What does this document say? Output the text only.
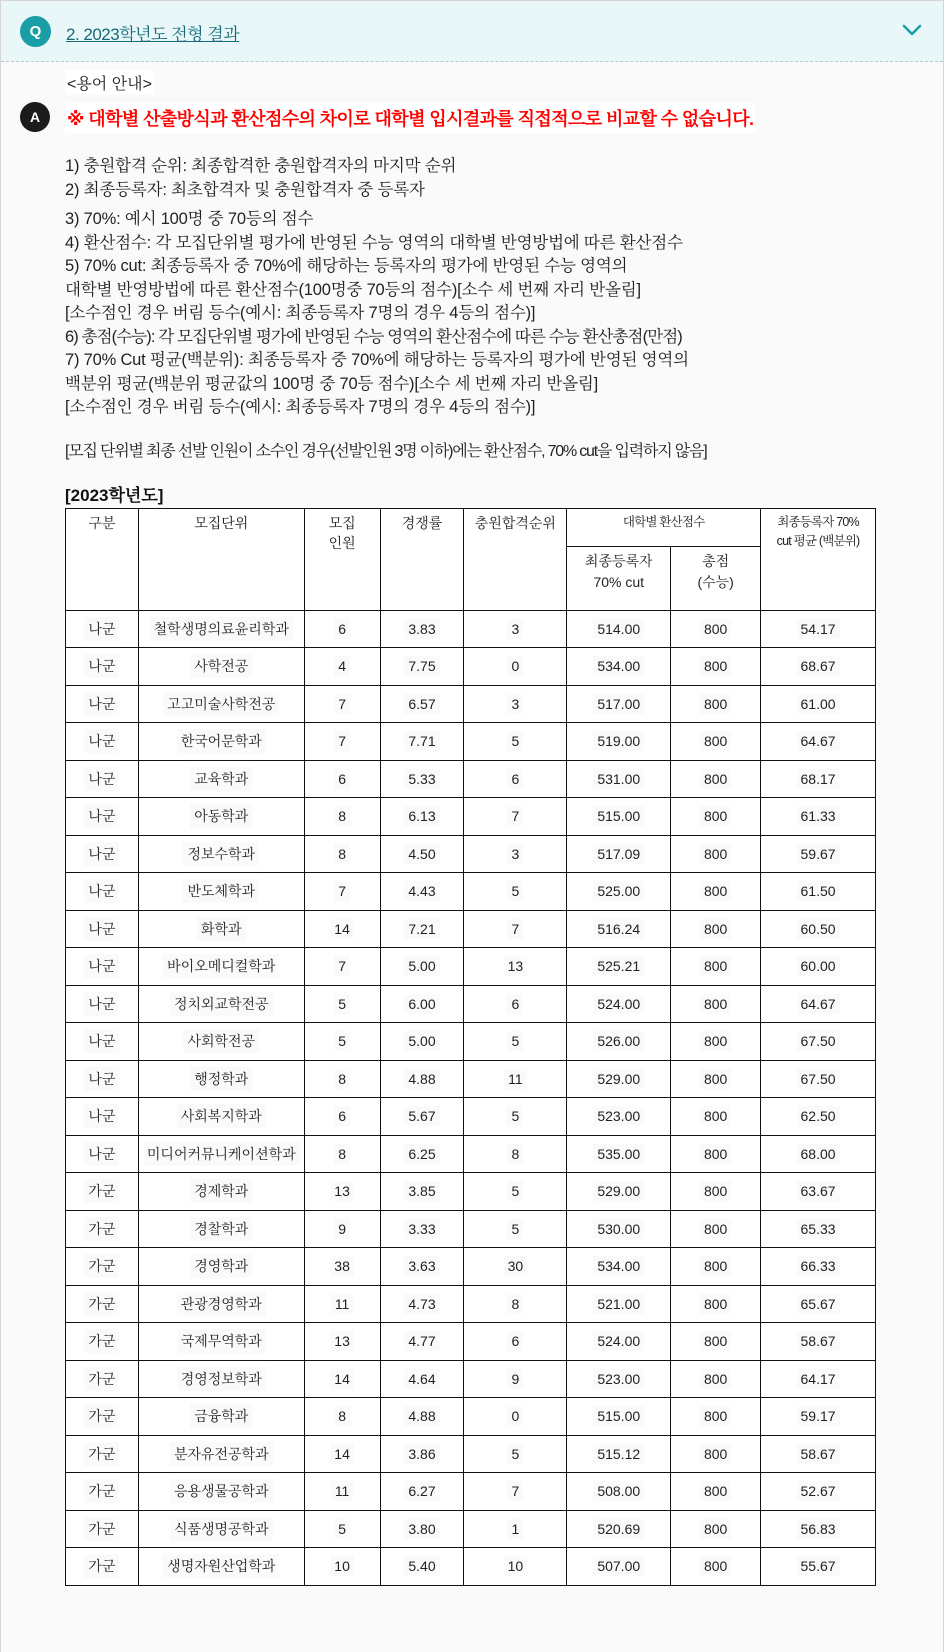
Q	2. 2023학년도 전형 결과
A
<용어 안내>
※ 대학별 산출방식과 환산점수의 차이로 대학별 입시결과를 직접적으로 비교할 수 없습니다.
1) 충원합격 순위: 최종합격한 충원합격자의 마지막 순위
2) 최종등록자: 최초합격자 및 충원합격자 중 등록자
3) 70%: 예시 100명 중 70등의 점수
4) 환산점수: 각 모집단위별 평가에 반영된 수능 영역의 대학별 반영방법에 따른 환산점수
5) 70% cut: 최종등록자 중 70%에 해당하는 등록자의 평가에 반영된 수능 영역의
대학별 반영방법에 따른 환산점수(100명중 70등의 점수)[소수 세 번째 자리 반올림]
[소수점인 경우 버림 등수(예시: 최종등록자 7명의 경우 4등의 점수)]
6) 총점(수능): 각 모집단위별 평가에 반영된 수능 영역의 환산점수에 따른 수능 환산총점(만점)
7) 70% Cut 평균(백분위): 최종등록자 중 70%에 해당하는 등록자의 평가에 반영된 영역의
백분위 평균(백분위 평균값의 100명 중 70등 점수)[소수 세 번째 자리 반올림]
[소수점인 경우 버림 등수(예시: 최종등록자 7명의 경우 4등의 점수)]
[모집 단위별 최종 선발 인원이 소수인 경우(선발인원 3명 이하)에는 환산점수, 70% cut을 입력하지 않음]
[2023학년도]
구분	모집단위	모집
인원	경쟁률	충원합격순위	대학별 환산점수		최종등록자 70%
cut 평균 (백분위)
					최종등록자
70% cut	총점
(수능)	
나군	철학생명의료윤리학과	6	3.83	3	514.00	800	54.17
나군	사학전공	4	7.75	0	534.00	800	68.67
나군	고고미술사학전공	7	6.57	3	517.00	800	61.00
나군	한국어문학과	7	7.71	5	519.00	800	64.67
나군	교육학과	6	5.33	6	531.00	800	68.17
나군	아동학과	8	6.13	7	515.00	800	61.33
나군	정보수학과	8	4.50	3	517.09	800	59.67
나군	반도체학과	7	4.43	5	525.00	800	61.50
나군	화학과	14	7.21	7	516.24	800	60.50
나군	바이오메디컬학과	7	5.00	13	525.21	800	60.00
나군	정치외교학전공	5	6.00	6	524.00	800	64.67
나군	사회학전공	5	5.00	5	526.00	800	67.50
나군	행정학과	8	4.88	11	529.00	800	67.50
나군	사회복지학과	6	5.67	5	523.00	800	62.50
나군	미디어커뮤니케이션학과	8	6.25	8	535.00	800	68.00
가군	경제학과	13	3.85	5	529.00	800	63.67
가군	경찰학과	9	3.33	5	530.00	800	65.33
가군	경영학과	38	3.63	30	534.00	800	66.33
가군	관광경영학과	11	4.73	8	521.00	800	65.67
가군	국제무역학과	13	4.77	6	524.00	800	58.67
가군	경영정보학과	14	4.64	9	523.00	800	64.17
가군	금융학과	8	4.88	0	515.00	800	59.17
가군	분자유전공학과	14	3.86	5	515.12	800	58.67
가군	응용생물공학과	11	6.27	7	508.00	800	52.67
가군	식품생명공학과	5	3.80	1	520.69	800	56.83
가군	생명자원산업학과	10	5.40	10	507.00	800	55.67
